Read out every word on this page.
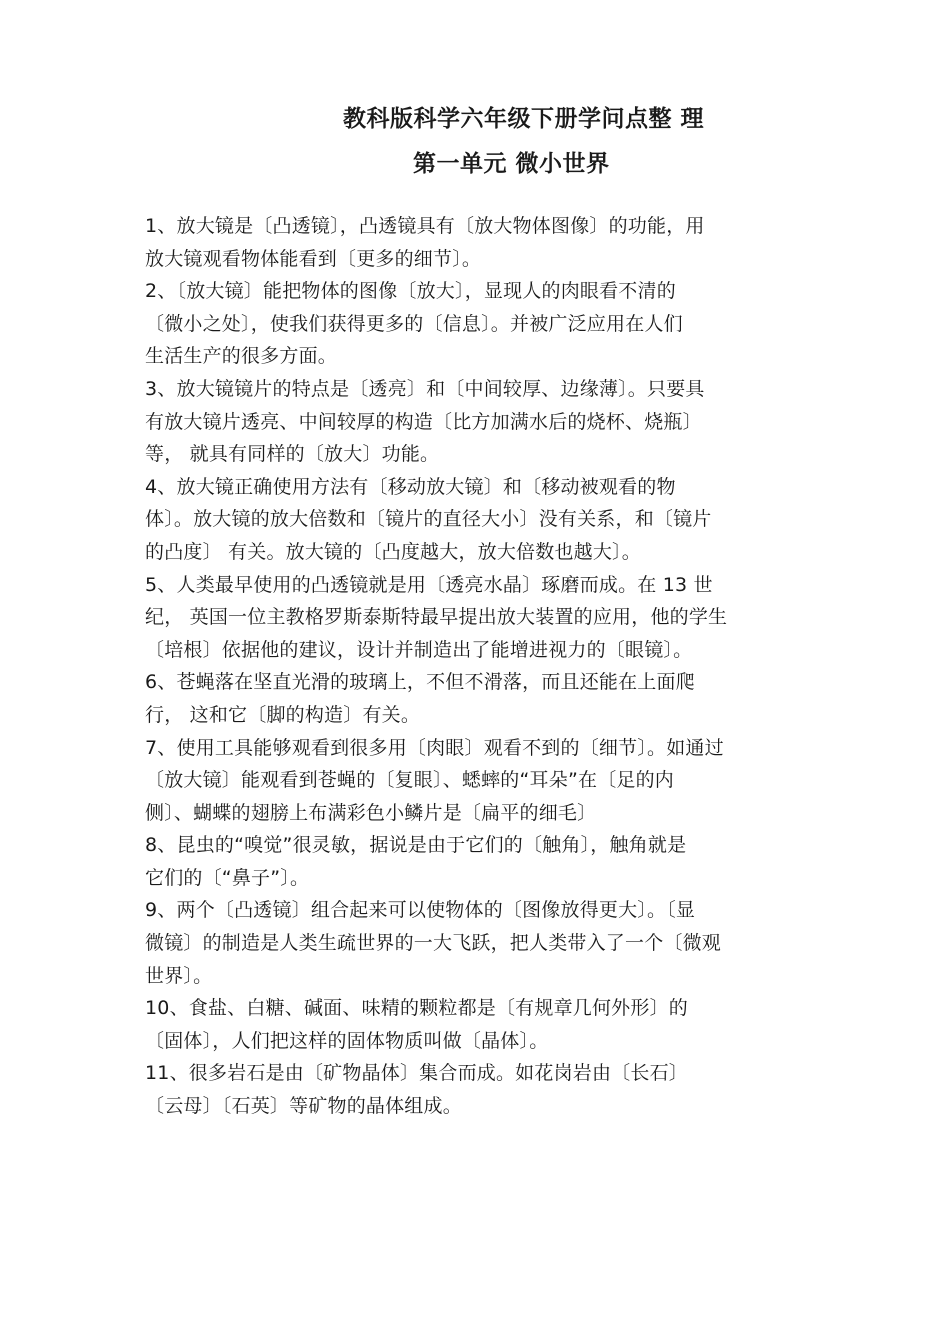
教科版科学六年级下册学问点整 理
第一单元 微小世界

1、放大镜是〔凸透镜〕，凸透镜具有〔放大物体图像〕的功能，用
放大镜观看物体能看到〔更多的细节〕。

2、〔放大镜〕能把物体的图像〔放大〕，显现人的肉眼看不清的
〔微小之处〕，使我们获得更多的〔信息〕。并被广泛应用在人们
生活生产的很多方面。

3、放大镜镜片的特点是〔透亮〕和〔中间较厚、边缘薄〕。只要具
有放大镜片透亮、中间较厚的构造〔比方加满水后的烧杯、烧瓶〕
等， 就具有同样的〔放大〕功能。

4、放大镜正确使用方法有〔移动放大镜〕和〔移动被观看的物
体〕。放大镜的放大倍数和〔镜片的直径大小〕没有关系，和〔镜片
的凸度〕 有关。放大镜的〔凸度越大，放大倍数也越大〕。

5、人类最早使用的凸透镜就是用〔透亮水晶〕琢磨而成。在 13 世
纪， 英国一位主教格罗斯泰斯特最早提出放大装置的应用，他的学生
〔培根〕依据他的建议，设计并制造出了能增进视力的〔眼镜〕。

6、苍蝇落在坚直光滑的玻璃上，不但不滑落，而且还能在上面爬
行， 这和它〔脚的构造〕有关。

7、使用工具能够观看到很多用〔肉眼〕观看不到的〔细节〕。如通过
〔放大镜〕能观看到苍蝇的〔复眼〕、蟋蟀的“耳朵”在〔足的内
侧〕、蝴蝶的翅膀上布满彩色小鳞片是〔扁平的细毛〕

8、昆虫的“嗅觉”很灵敏，据说是由于它们的〔触角〕，触角就是
它们的〔“鼻子”〕。

9、两个〔凸透镜〕组合起来可以使物体的〔图像放得更大〕。〔显
微镜〕的制造是人类生疏世界的一大飞跃，把人类带入了一个〔微观
世界〕。

10、食盐、白糖、碱面、味精的颗粒都是〔有规章几何外形〕的
〔固体〕，人们把这样的固体物质叫做〔晶体〕。

11、很多岩石是由〔矿物晶体〕集合而成。如花岗岩由〔长石〕
〔云母〕〔石英〕等矿物的晶体组成。
